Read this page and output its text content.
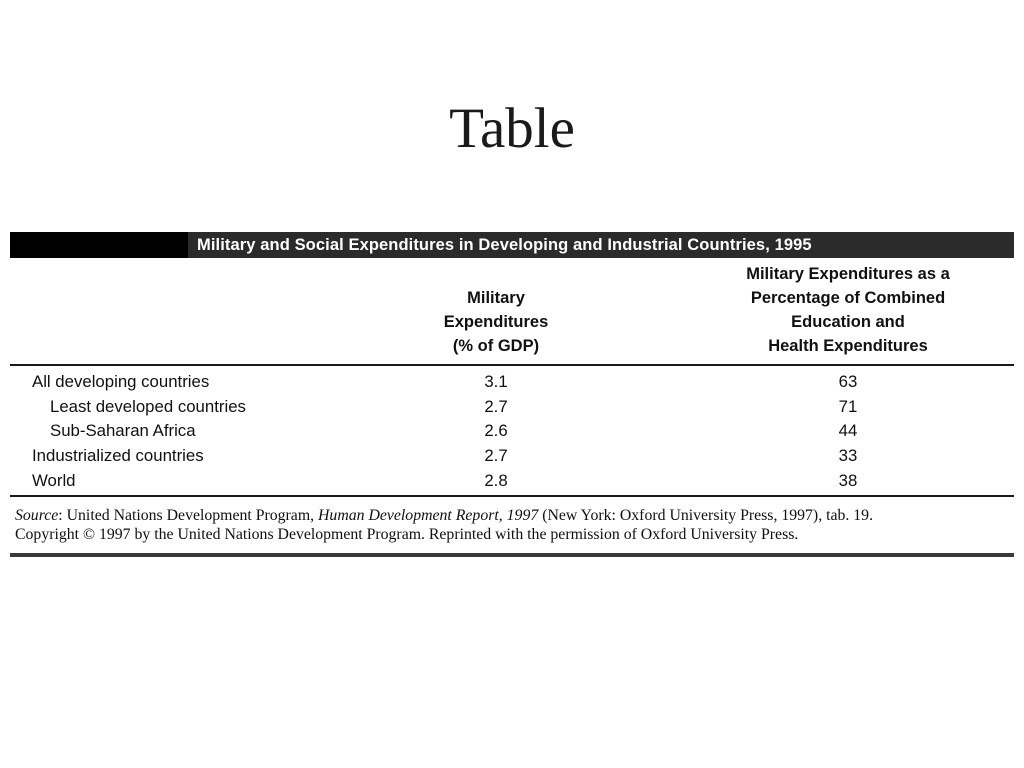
Table
Military and Social Expenditures in Developing and Industrial Countries, 1995
Military
Expenditures
(% of GDP)
Military Expenditures as a
Percentage of Combined
Education and
Health Expenditures
All developing countries	3.1	63
Least developed countries	2.7	71
Sub-Saharan Africa	2.6	44
Industrialized countries	2.7	33
World	2.8	38
Source: United Nations Development Program, Human Development Report, 1997 (New York: Oxford University Press, 1997), tab. 19.
Copyright © 1997 by the United Nations Development Program. Reprinted with the permission of Oxford University Press.
